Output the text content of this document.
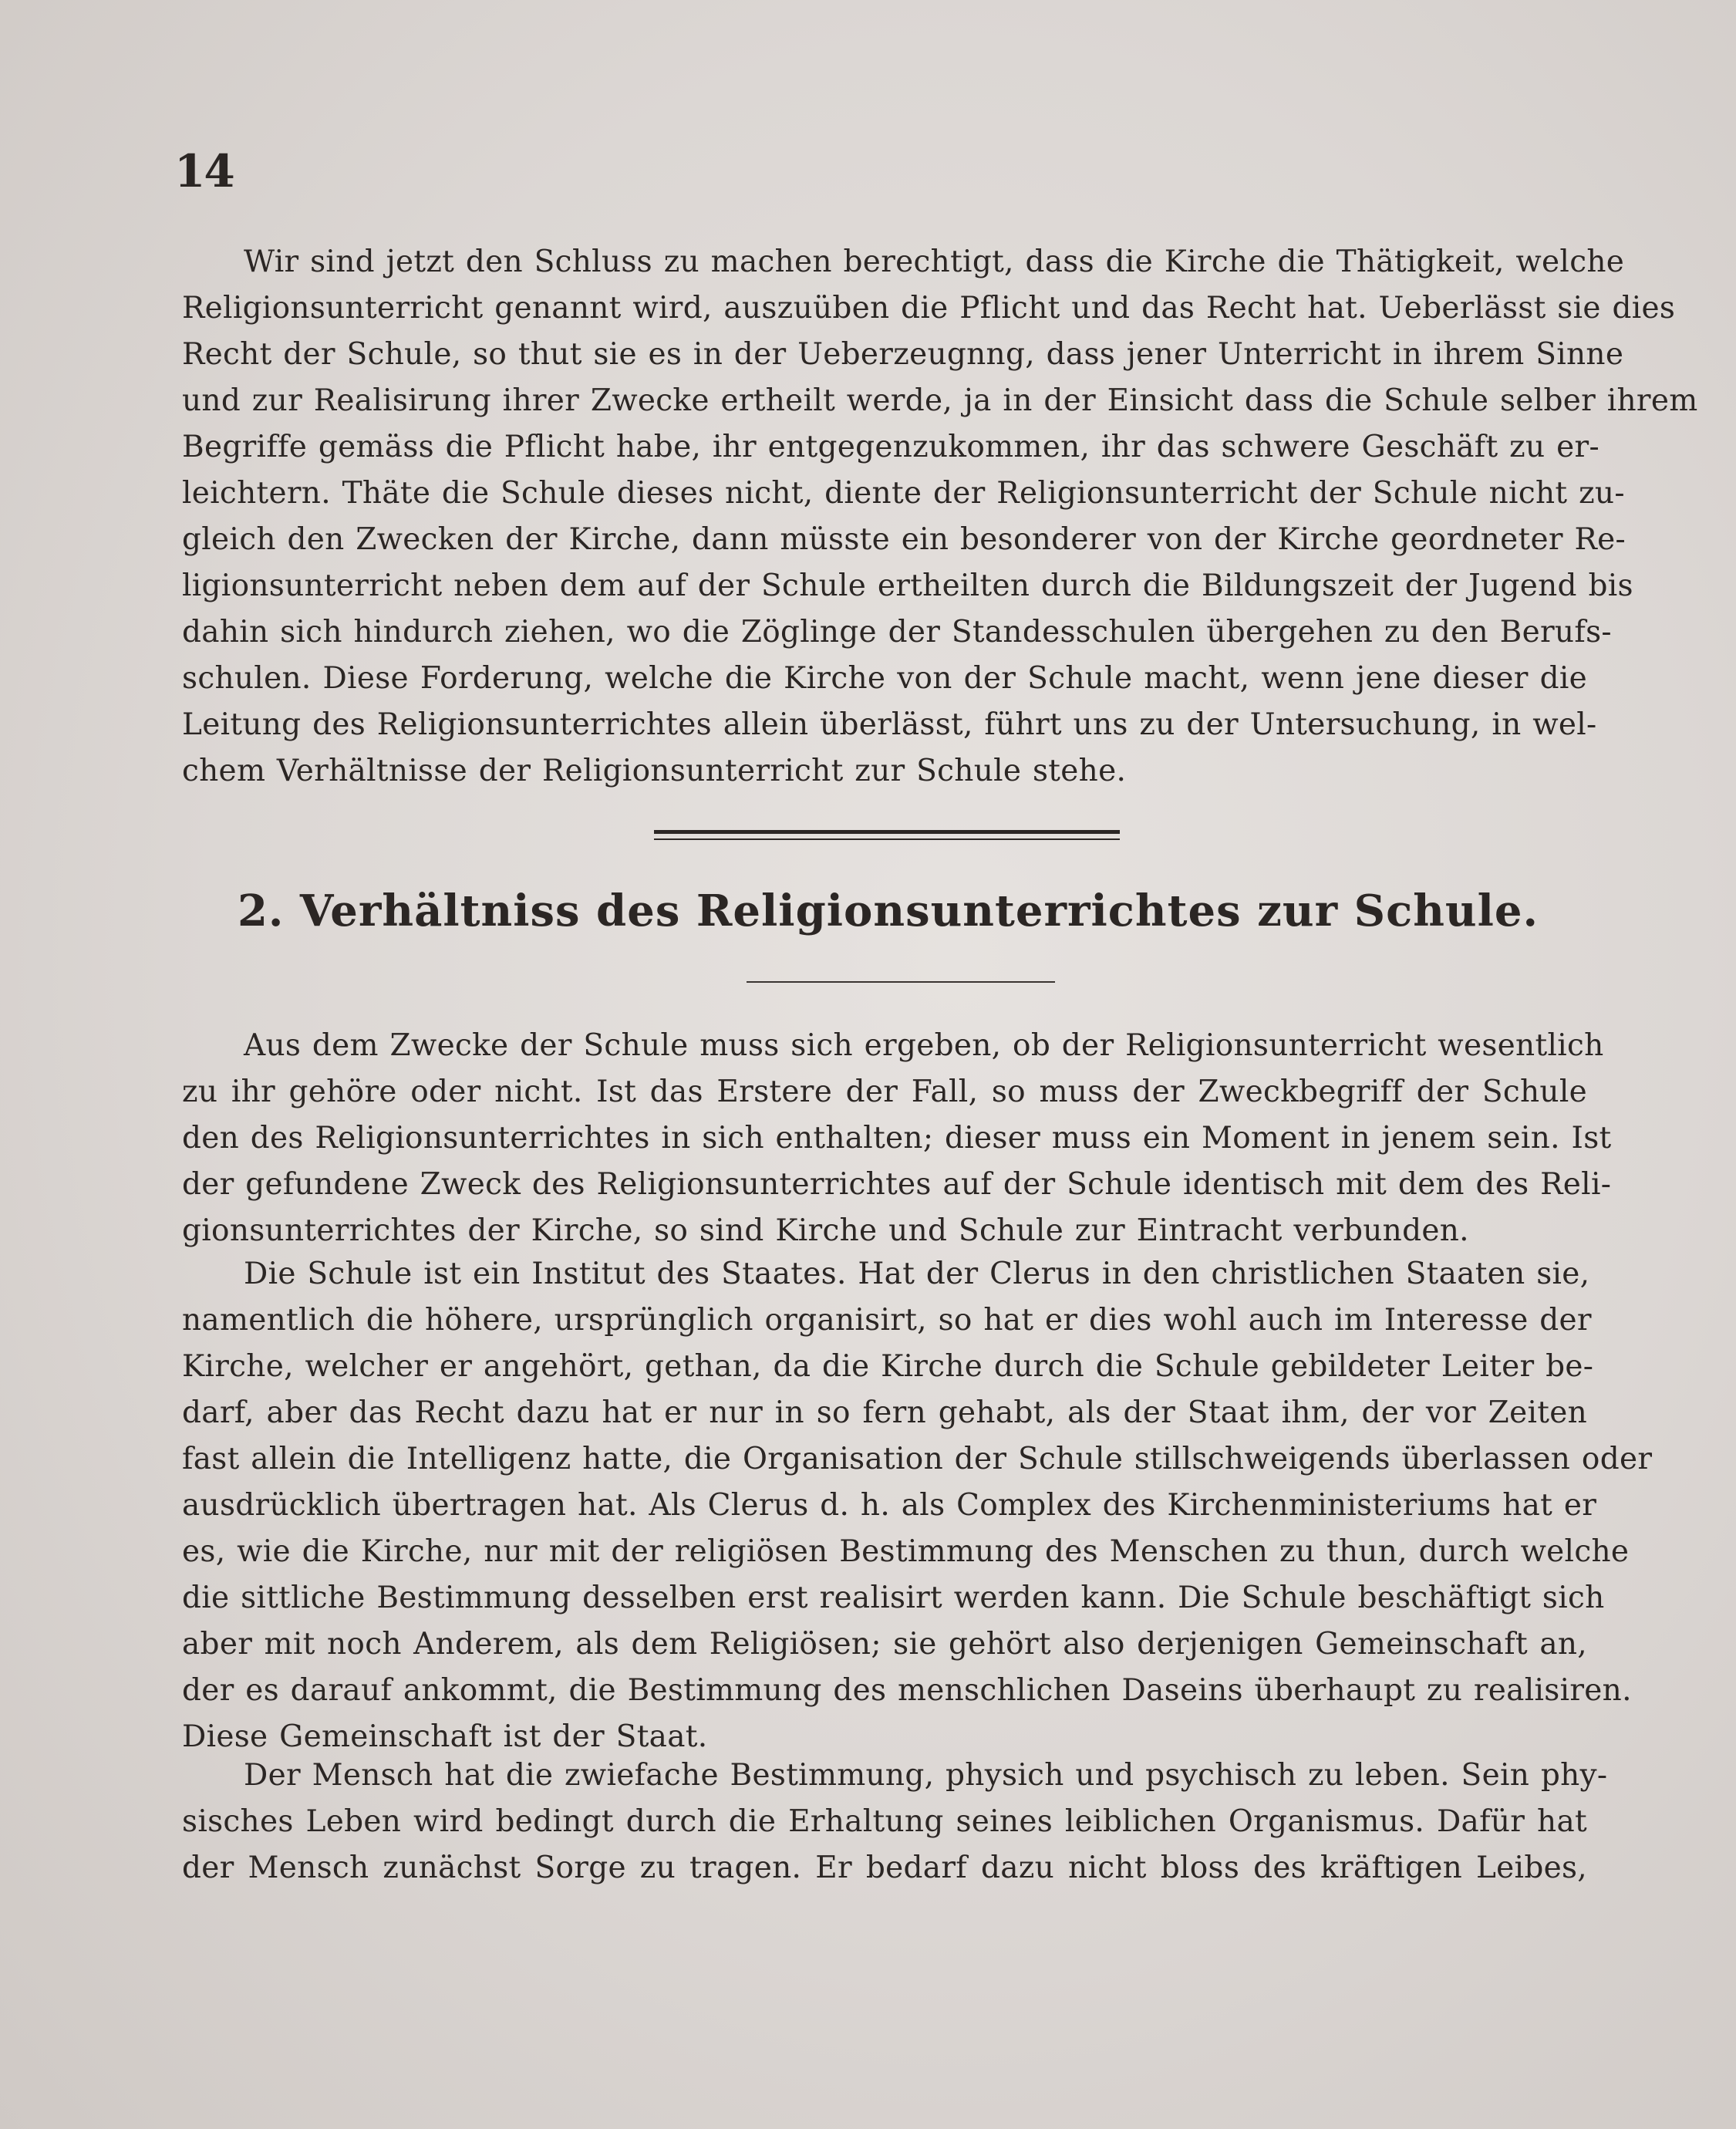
14

Wir sind jetzt den Schluss zu machen berechtigt, dass die Kirche die Thätigkeit, welche
Religionsunterricht genannt wird, auszuüben die Pflicht und das Recht hat. Ueberlässt sie dies
Recht der Schule, so thut sie es in der Ueberzeugnng, dass jener Unterricht in ihrem Sinne
und zur Realisirung ihrer Zwecke ertheilt werde, ja in der Einsicht dass die Schule selber ihrem
Begriffe gemäss die Pflicht habe, ihr entgegenzukommen, ihr das schwere Geschäft zu er-
leichtern. Thäte die Schule dieses nicht, diente der Religionsunterricht der Schule nicht zu-
gleich den Zwecken der Kirche, dann müsste ein besonderer von der Kirche geordneter Re-
ligionsunterricht neben dem auf der Schule ertheilten durch die Bildungszeit der Jugend bis
dahin sich hindurch ziehen, wo die Zöglinge der Standesschulen übergehen zu den Berufs-
schulen. Diese Forderung, welche die Kirche von der Schule macht, wenn jene dieser die
Leitung des Religionsunterrichtes allein überlässt, führt uns zu der Untersuchung, in wel-
chem Verhältnisse der Religionsunterricht zur Schule stehe.

2. Verhältniss des Religionsunterrichtes zur Schule.

Aus dem Zwecke der Schule muss sich ergeben, ob der Religionsunterricht wesentlich
zu ihr gehöre oder nicht. Ist das Erstere der Fall, so muss der Zweckbegriff der Schule
den des Religionsunterrichtes in sich enthalten; dieser muss ein Moment in jenem sein. Ist
der gefundene Zweck des Religionsunterrichtes auf der Schule identisch mit dem des Reli-
gionsunterrichtes der Kirche, so sind Kirche und Schule zur Eintracht verbunden.

Die Schule ist ein Institut des Staates. Hat der Clerus in den christlichen Staaten sie,
namentlich die höhere, ursprünglich organisirt, so hat er dies wohl auch im Interesse der
Kirche, welcher er angehört, gethan, da die Kirche durch die Schule gebildeter Leiter be-
darf, aber das Recht dazu hat er nur in so fern gehabt, als der Staat ihm, der vor Zeiten
fast allein die Intelligenz hatte, die Organisation der Schule stillschweigends überlassen oder
ausdrücklich übertragen hat. Als Clerus d. h. als Complex des Kirchenministeriums hat er
es, wie die Kirche, nur mit der religiösen Bestimmung des Menschen zu thun, durch welche
die sittliche Bestimmung desselben erst realisirt werden kann. Die Schule beschäftigt sich
aber mit noch Anderem, als dem Religiösen; sie gehört also derjenigen Gemeinschaft an,
der es darauf ankommt, die Bestimmung des menschlichen Daseins überhaupt zu realisiren.
Diese Gemeinschaft ist der Staat.

Der Mensch hat die zwiefache Bestimmung, physich und psychisch zu leben. Sein phy-
sisches Leben wird bedingt durch die Erhaltung seines leiblichen Organismus. Dafür hat
der Mensch zunächst Sorge zu tragen. Er bedarf dazu nicht bloss des kräftigen Leibes,
